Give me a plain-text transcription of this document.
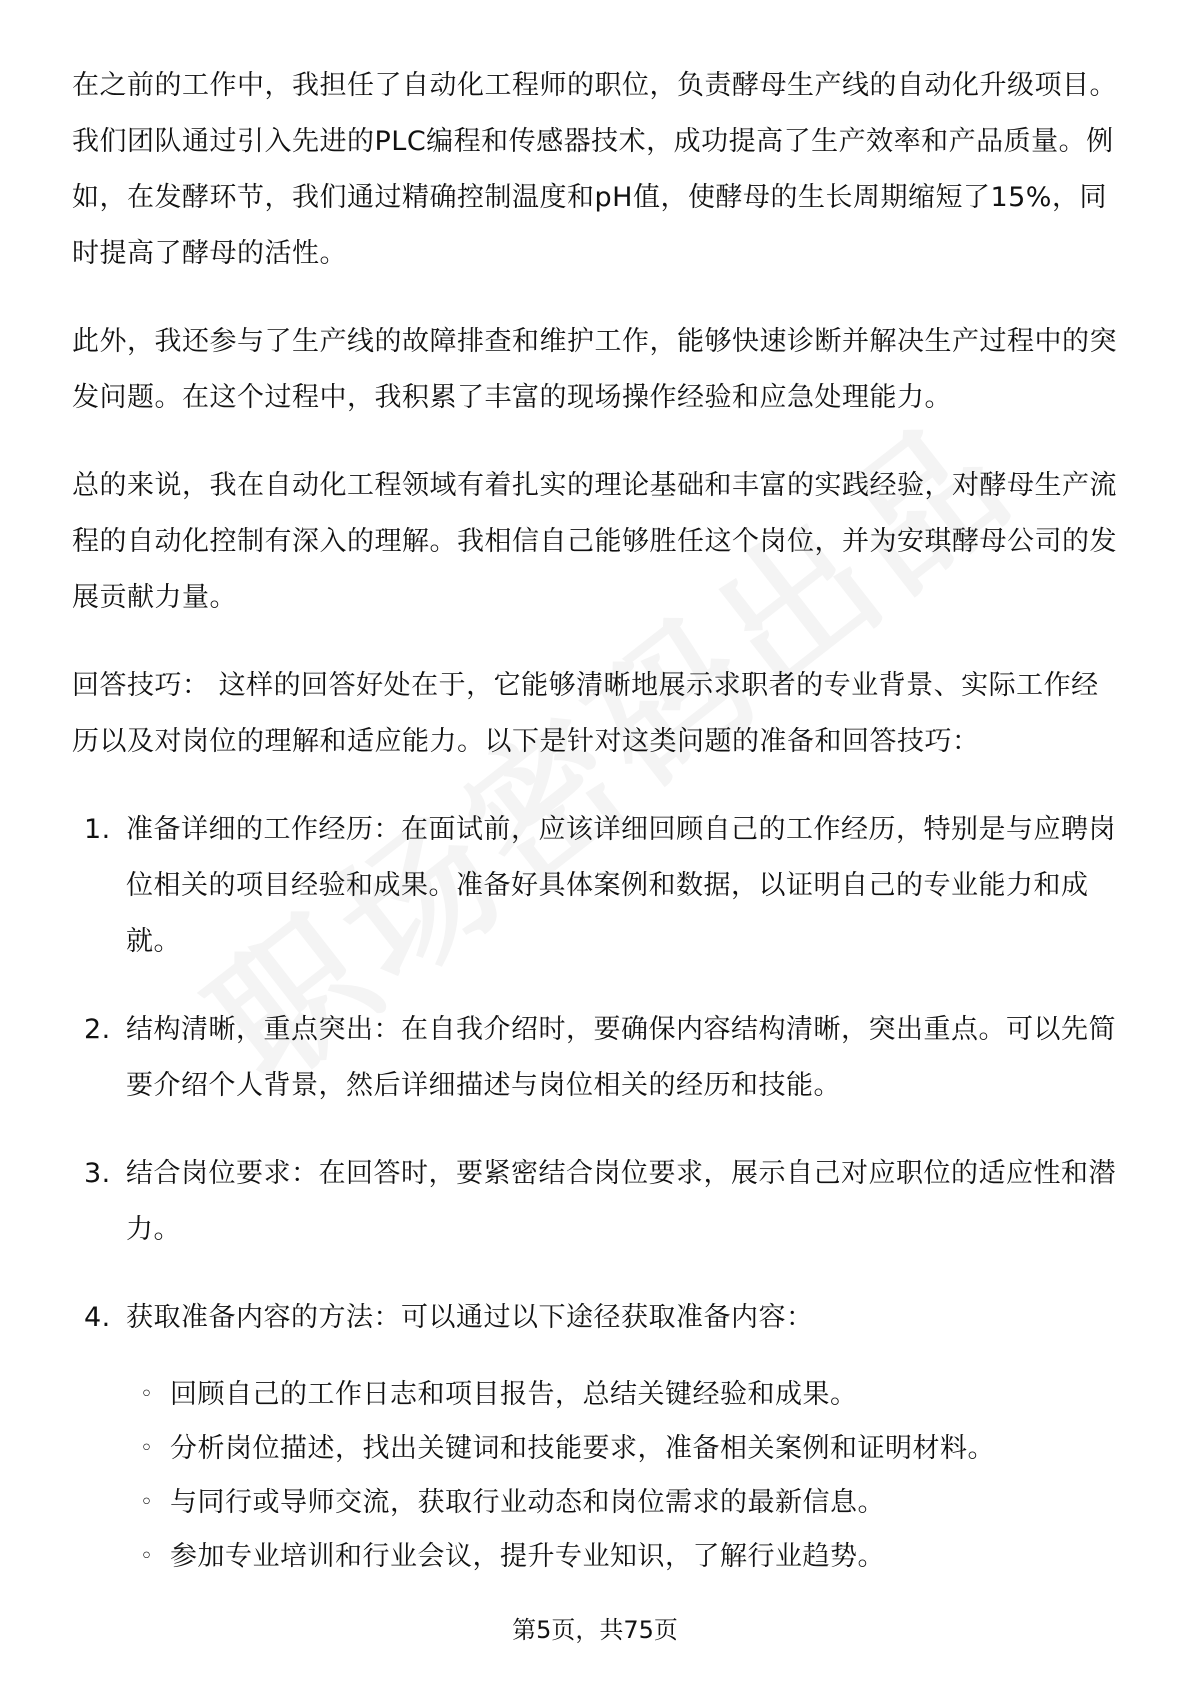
在之前的工作中，我担任了自动化工程师的职位，负责酵母生产线的自动化升级项目。我们团队通过引入先进的PLC编程和传感器技术，成功提高了生产效率和产品质量。例如，在发酵环节，我们通过精确控制温度和pH值，使酵母的生长周期缩短了15%，同时提高了酵母的活性。

此外，我还参与了生产线的故障排查和维护工作，能够快速诊断并解决生产过程中的突发问题。在这个过程中，我积累了丰富的现场操作经验和应急处理能力。

总的来说，我在自动化工程领域有着扎实的理论基础和丰富的实践经验，对酵母生产流程的自动化控制有深入的理解。我相信自己能够胜任这个岗位，并为安琪酵母公司的发展贡献力量。

回答技巧： 这样的回答好处在于，它能够清晰地展示求职者的专业背景、实际工作经历以及对岗位的理解和适应能力。以下是针对这类问题的准备和回答技巧：

1. 准备详细的工作经历：在面试前，应该详细回顾自己的工作经历，特别是与应聘岗位相关的项目经验和成果。准备好具体案例和数据，以证明自己的专业能力和成就。
2. 结构清晰，重点突出：在自我介绍时，要确保内容结构清晰，突出重点。可以先简要介绍个人背景，然后详细描述与岗位相关的经历和技能。
3. 结合岗位要求：在回答时，要紧密结合岗位要求，展示自己对应职位的适应性和潜力。
4. 获取准备内容的方法：可以通过以下途径获取准备内容：
◦ 回顾自己的工作日志和项目报告，总结关键经验和成果。
◦ 分析岗位描述，找出关键词和技能要求，准备相关案例和证明材料。
◦ 与同行或导师交流，获取行业动态和岗位需求的最新信息。
◦ 参加专业培训和行业会议，提升专业知识，了解行业趋势。
第5页，共75页
